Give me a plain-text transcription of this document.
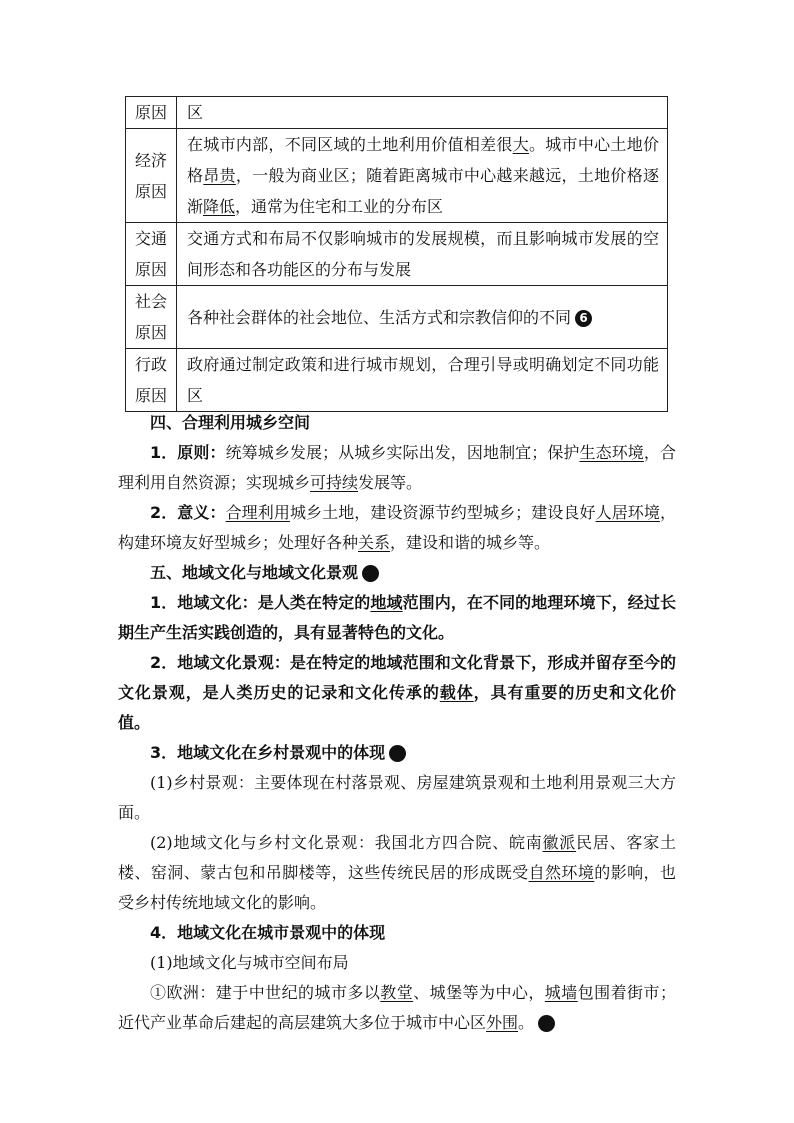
原因	区

经济原因	在城市内部，不同区域的土地利用价值相差很大。城市中心土地价格昂贵，一般为商业区；随着距离城市中心越来越远，土地价格逐渐降低，通常为住宅和工业的分布区

交通原因	交通方式和布局不仅影响城市的发展规模，而且影响城市发展的空间形态和各功能区的分布与发展

社会原因	各种社会群体的社会地位、生活方式和宗教信仰的不同 6

行政原因	政府通过制定政策和进行城市规划，合理引导或明确划定不同功能区

四、合理利用城乡空间

1．原则：统筹城乡发展；从城乡实际出发，因地制宜；保护生态环境，合理利用自然资源；实现城乡可持续发展等。

2．意义：合理利用城乡土地，建设资源节约型城乡；建设良好人居环境，构建环境友好型城乡；处理好各种关系，建设和谐的城乡等。

五、地域文化与地域文化景观	7

1．地域文化：是人类在特定的地域范围内，在不同的地理环境下，经过长期生产生活实践创造的，具有显著特色的文化。

2．地域文化景观：是在特定的地域范围和文化背景下，形成并留存至今的文化景观，是人类历史的记录和文化传承的载体，具有重要的历史和文化价值。

3．地域文化在乡村景观中的体现	8

(1)乡村景观：主要体现在村落景观、房屋建筑景观和土地利用景观三大方面。

(2)地域文化与乡村文化景观：我国北方四合院、皖南徽派民居、客家土楼、窑洞、蒙古包和吊脚楼等，这些传统民居的形成既受自然环境的影响，也受乡村传统地域文化的影响。

4．地域文化在城市景观中的体现

(1)地域文化与城市空间布局

①欧洲：建于中世纪的城市多以教堂、城堡等为中心，城墙包围着街市；近代产业革命后建起的高层建筑大多位于城市中心区外围。	9
